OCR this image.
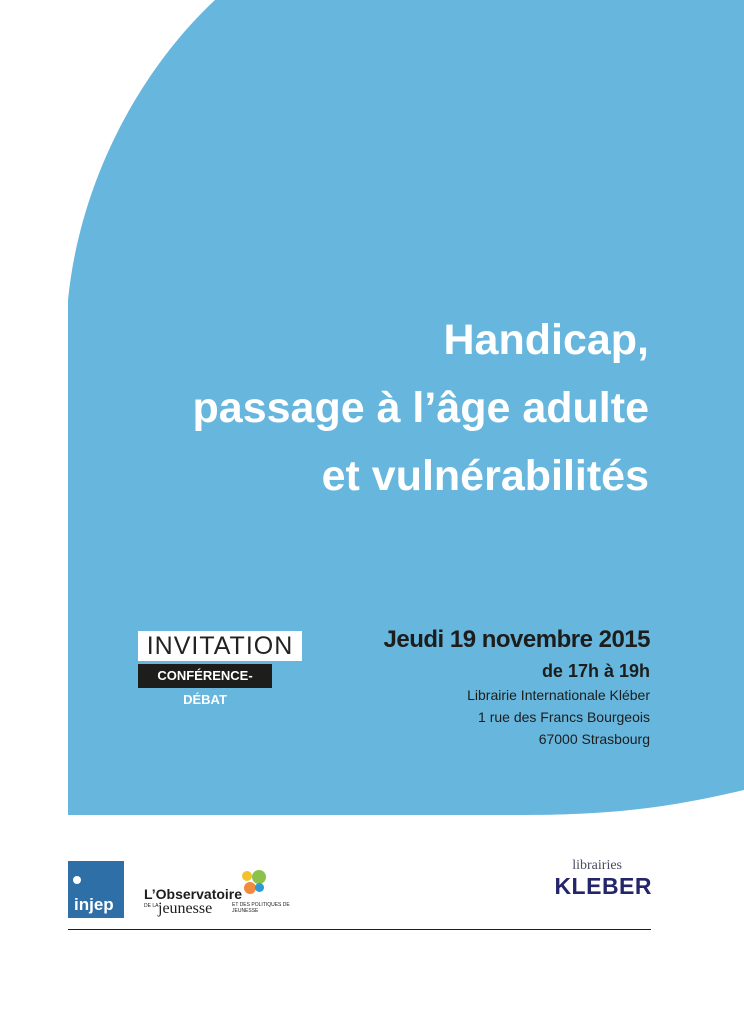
Handicap,
passage à l’âge adulte
et vulnérabilités
INVITATION
CONFÉRENCE-DÉBAT
Jeudi 19 novembre 2015
de 17h à 19h
Librairie Internationale Kléber
1 rue des Francs Bourgeois
67000 Strasbourg
injep
L’Observatoire
DE LA jeunesse	ET DES POLITIQUES DE JEUNESSE
librairies
KLEBER
